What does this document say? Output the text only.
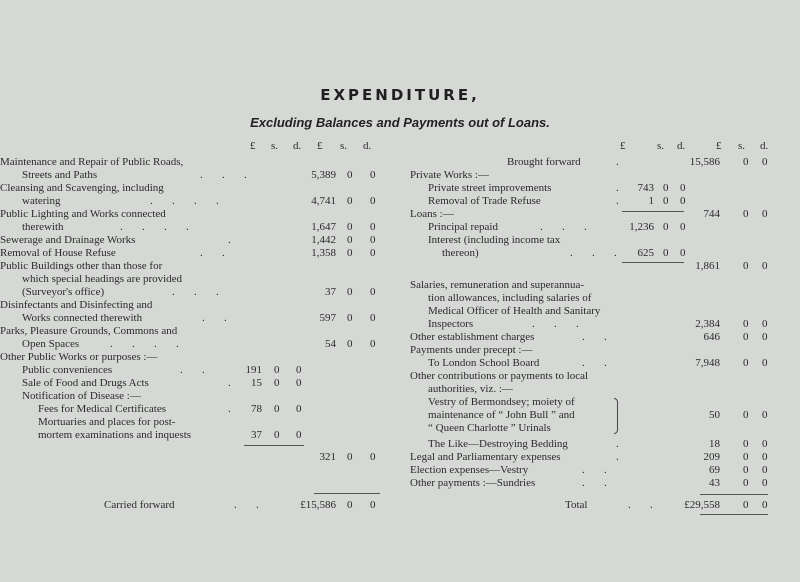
EXPENDITURE,
Excluding Balances and Payments out of Loans.
£ s. d. £ s. d.	£	s. d.	£ s. d.
Maintenance and Repair of Public Roads,
Streets and Paths	.       .       .	5,389 0 0
Cleansing and Scavenging, including
watering	.       .       .       .	4,741 0 0
Public Lighting and Works connected
therewith	.       .       .       .	1,647 0 0
Sewerage and Drainage Works	.	1,442 0 0
Removal of House Refuse	.       .	1,358 0 0
Public Buildings other than those for
which special headings are provided
(Surveyor's office)	.       .       .	37 0 0
Disinfectants and Disinfecting and
Works connected therewith	.       .	597 0 0
Parks, Pleasure Grounds, Commons and
Open Spaces	.       .       .       .	54 0 0
Other Public Works or purposes :—
Public conveniences	.       .	191 0 0
Sale of Food and Drugs Acts	.	15 0 0
Notification of Disease :—
Fees for Medical Certificates	.	78 0 0
Mortuaries and places for post-
mortem examinations and inquests	37 0 0
321 0 0
Carried forward	.       .	£15,586 0 0
Brought forward	.	15,586 0 0
Private Works :—
Private street improvements	.	743 0 0
Removal of Trade Refuse	.	1 0 0
Loans :—	744 0 0
Principal repaid	.       .       .	1,236 0 0
Interest (including income tax
thereon)	.       .       .	625 0 0
1,861 0 0
Salaries, remuneration and superannua-
tion allowances, including salaries of
Medical Officer of Health and Sanitary
Inspectors	.       .       .	2,384 0 0
Other establishment charges	.       .	646 0 0
Payments under precept :—
To London School Board	.       .	7,948 0 0
Other contributions or payments to local
authorities, viz. :—
Vestry of Bermondsey; moiety of
maintenance of “ John Bull ” and
“ Queen Charlotte ” Urinals
50 0 0
The Like—Destroying Bedding	.	18 0 0
Legal and Parliamentary expenses	.	209 0 0
Election expenses—Vestry	.       .	69 0 0
Other payments :—Sundries	.       .	43 0 0
Total	.       .	£29,558 0 0
